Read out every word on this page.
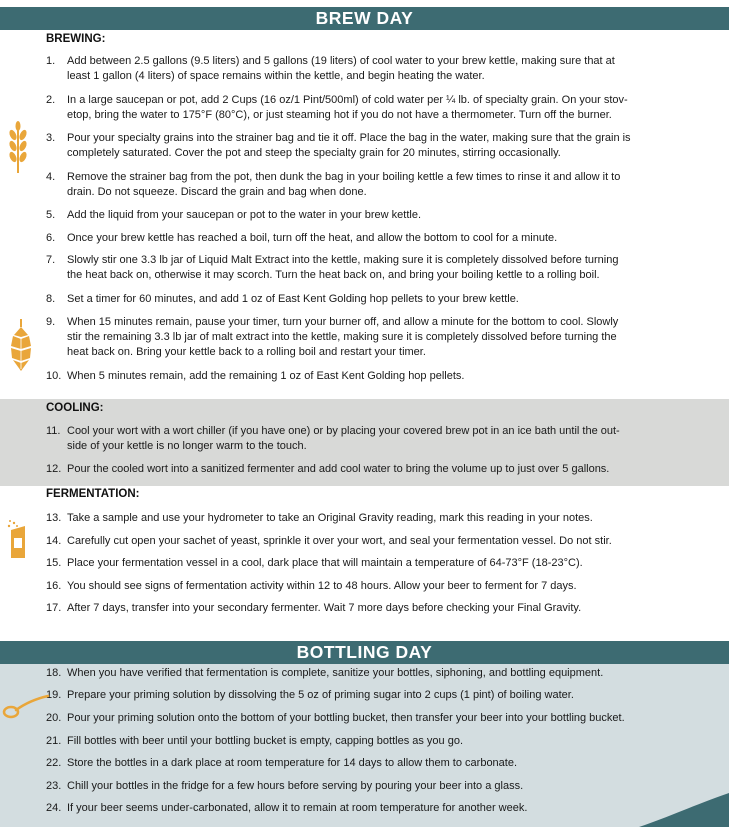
BREW DAY
BREWING:
1.	Add between 2.5 gallons (9.5 liters) and 5 gallons (19 liters) of cool water to your brew kettle, making sure that at
least 1 gallon (4 liters) of space remains within the kettle, and begin heating the water.
2.	In a large saucepan or pot, add 2 Cups (16 oz/1 Pint/500ml) of cold water per ¼ lb. of specialty grain. On your stov-
etop, bring the water to 175°F (80°C), or just steaming hot if you do not have a thermometer. Turn off the burner.
3.	Pour your specialty grains into the strainer bag and tie it off. Place the bag in the water, making sure that the grain is
completely saturated. Cover the pot and steep the specialty grain for 20 minutes, stirring occasionally.
4.	Remove the strainer bag from the pot, then dunk the bag in your boiling kettle a few times to rinse it and allow it to
drain. Do not squeeze. Discard the grain and bag when done.
5.	Add the liquid from your saucepan or pot to the water in your brew kettle.
6.	Once your brew kettle has reached a boil, turn off the heat, and allow the bottom to cool for a minute.
7.	Slowly stir one 3.3 lb jar of Liquid Malt Extract into the kettle, making sure it is completely dissolved before turning
the heat back on, otherwise it may scorch. Turn the heat back on, and bring your boiling kettle to a rolling boil.
8.	Set a timer for 60 minutes, and add 1 oz of East Kent Golding hop pellets to your brew kettle.
9.	When 15 minutes remain, pause your timer, turn your burner off, and allow a minute for the bottom to cool. Slowly
stir the remaining 3.3 lb jar of malt extract into the kettle, making sure it is completely dissolved before turning the
heat back on. Bring your kettle back to a rolling boil and restart your timer.
10. When 5 minutes remain, add the remaining 1 oz of East Kent Golding hop pellets.
COOLING:
11. Cool your wort with a wort chiller (if you have one) or by placing your covered brew pot in an ice bath until the out-
side of your kettle is no longer warm to the touch.
12. Pour the cooled wort into a sanitized fermenter and add cool water to bring the volume up to just over 5 gallons.
FERMENTATION:
13. Take a sample and use your hydrometer to take an Original Gravity reading, mark this reading in your notes.
14. Carefully cut open your sachet of yeast, sprinkle it over your wort, and seal your fermentation vessel. Do not stir.
15. Place your fermentation vessel in a cool, dark place that will maintain a temperature of 64-73°F (18-23°C).
16. You should see signs of fermentation activity within 12 to 48 hours. Allow your beer to ferment for 7 days.
17. After 7 days, transfer into your secondary fermenter. Wait 7 more days before checking your Final Gravity.
BOTTLING DAY
18. When you have verified that fermentation is complete, sanitize your bottles, siphoning, and bottling equipment.
19. Prepare your priming solution by dissolving the 5 oz of priming sugar into 2 cups (1 pint) of boiling water.
20. Pour your priming solution onto the bottom of your bottling bucket, then transfer your beer into your bottling bucket.
21. Fill bottles with beer until your bottling bucket is empty, capping bottles as you go.
22. Store the bottles in a dark place at room temperature for 14 days to allow them to carbonate.
23. Chill your bottles in the fridge for a few hours before serving by pouring your beer into a glass.
24. If your beer seems under-carbonated, allow it to remain at room temperature for another week.
